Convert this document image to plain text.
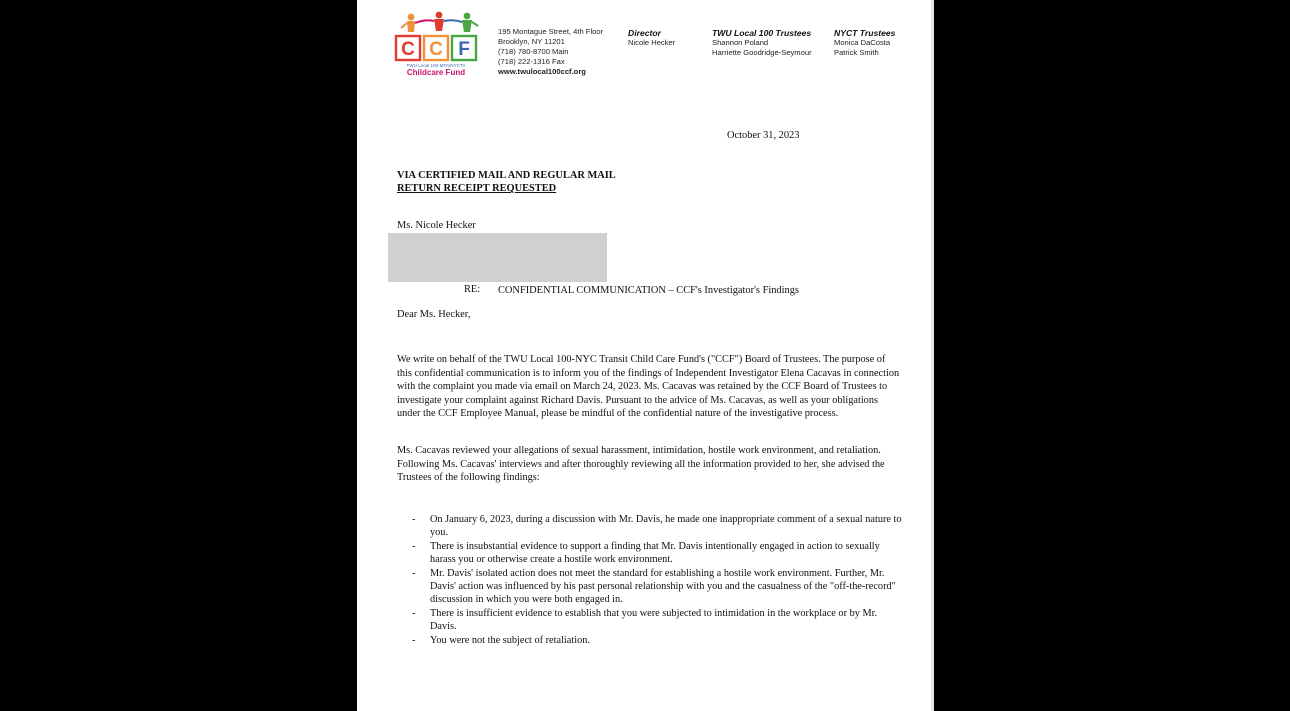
C C F
TWU Local 100-MTA/NYCTA
Childcare Fund
195 Montague Street, 4th Floor
Brooklyn, NY 11201
(718) 780-8700 Main
(718) 222-1316 Fax
www.twulocal100ccf.org
Director
Nicole Hecker
TWU Local 100 Trustees
Shannon Poland
Harriette Goodridge-Seymour
NYCT Trustees
Monica DaCosta
Patrick Smith
October 31, 2023
VIA CERTIFIED MAIL AND REGULAR MAIL
RETURN RECEIPT REQUESTED
Ms. Nicole Hecker
RE: CONFIDENTIAL COMMUNICATION – CCF's Investigator's Findings
Dear Ms. Hecker,
We write on behalf of the TWU Local 100-NYC Transit Child Care Fund's ("CCF") Board of Trustees. The purpose of this confidential communication is to inform you of the findings of Independent Investigator Elena Cacavas in connection with the complaint you made via email on March 24, 2023. Ms. Cacavas was retained by the CCF Board of Trustees to investigate your complaint against Richard Davis. Pursuant to the advice of Ms. Cacavas, as well as your obligations under the CCF Employee Manual, please be mindful of the confidential nature of the investigative process.
Ms. Cacavas reviewed your allegations of sexual harassment, intimidation, hostile work environment, and retaliation. Following Ms. Cacavas' interviews and after thoroughly reviewing all the information provided to her, she advised the Trustees of the following findings:
- On January 6, 2023, during a discussion with Mr. Davis, he made one inappropriate comment of a sexual nature to you.
- There is insubstantial evidence to support a finding that Mr. Davis intentionally engaged in action to sexually harass you or otherwise create a hostile work environment.
- Mr. Davis' isolated action does not meet the standard for establishing a hostile work environment. Further, Mr. Davis' action was influenced by his past personal relationship with you and the casualness of the "off-the-record" discussion in which you were both engaged in.
- There is insufficient evidence to establish that you were subjected to intimidation in the workplace or by Mr. Davis.
- You were not the subject of retaliation.
